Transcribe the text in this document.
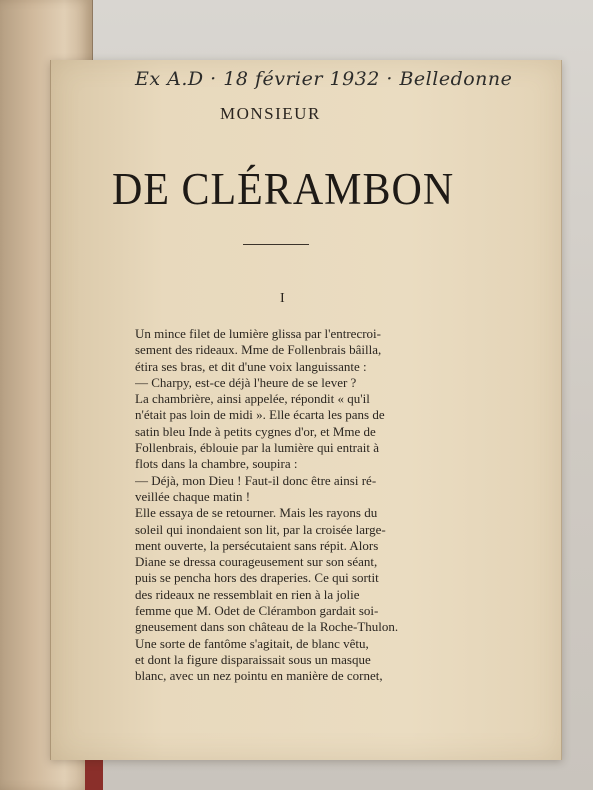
Ex A.D · 18 février 1932 · Belledonne
MONSIEUR
DE CLÉRAMBON
I
Un mince filet de lumière glissa par l'entrecroi-
sement des rideaux. Mme de Follenbrais bâilla,
étira ses bras, et dit d'une voix languissante :
— Charpy, est-ce déjà l'heure de se lever ?
La chambrière, ainsi appelée, répondit « qu'il
n'était pas loin de midi ». Elle écarta les pans de
satin bleu Inde à petits cygnes d'or, et Mme de
Follenbrais, éblouie par la lumière qui entrait à
flots dans la chambre, soupira :
— Déjà, mon Dieu ! Faut-il donc être ainsi ré-
veillée chaque matin !
Elle essaya de se retourner. Mais les rayons du
soleil qui inondaient son lit, par la croisée large-
ment ouverte, la persécutaient sans répit. Alors
Diane se dressa courageusement sur son séant,
puis se pencha hors des draperies. Ce qui sortit
des rideaux ne ressemblait en rien à la jolie
femme que M. Odet de Clérambon gardait soi-
gneusement dans son château de la Roche-Thulon.
Une sorte de fantôme s'agitait, de blanc vêtu,
et dont la figure disparaissait sous un masque
blanc, avec un nez pointu en manière de cornet,
